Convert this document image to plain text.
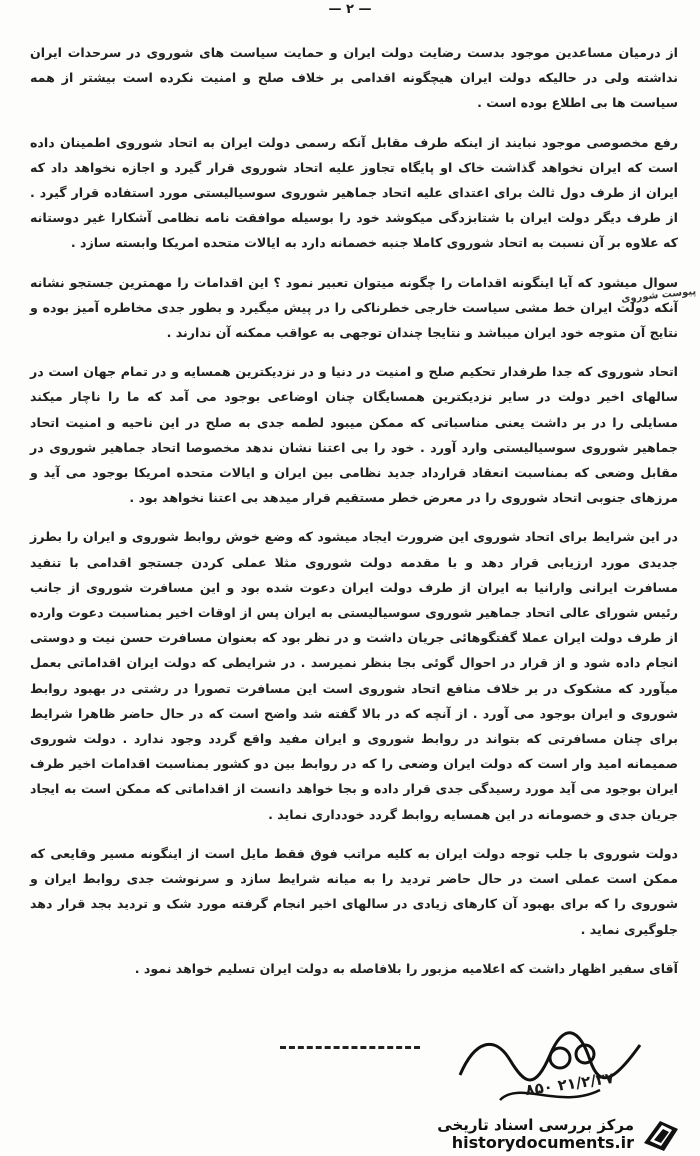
— ۲ —

از درمیان مساعدین موجود بدست رضایت دولت ایران و حمایت سیاست های شوروی در سرحدات ایران نداشته ولی در حالیکه دولت ایران هیچگونه اقدامی بر خلاف صلح و امنیت نکرده است بیشتر از همه سیاست ها بی اطلاع بوده است .

رفع مخصوصی موجود نبایند از اینکه طرف مقابل آنکه رسمی دولت ایران به اتحاد شوروی اطمینان داده است که ایران نخواهد گذاشت خاک او پایگاه تجاوز علیه اتحاد شوروی قرار گیرد و اجازه نخواهد داد که ایران از طرف دول ثالث برای اعتدای علیه اتحاد جماهیر شوروی سوسیالیستی مورد استفاده قرار گیرد . از طرف دیگر دولت ایران با شتابزدگی میکوشد خود را بوسیله موافقت نامه نظامی آشکارا غیر دوستانه که علاوه بر آن نسبت به اتحاد شوروی کاملا جنبه خصمانه دارد به ایالات متحده امریکا وابسته سازد .

سوال میشود که آیا اینگونه اقدامات را چگونه میتوان تعبیر نمود ؟ این اقدامات را مهمترین جستجو نشانه آنکه دولت ایران خط مشی سیاست خارجی خطرناکی را در پیش میگیرد و بطور جدی مخاطره آمیز بوده و نتایج آن متوجه خود ایران میباشد و نتایجا چندان توجهی به عواقب ممکنه آن ندارند .

اتحاد شوروی که جدا طرفدار تحکیم صلح و امنیت در دنیا و در نزدیکترین همسایه و در تمام جهان است در سالهای اخیر دولت در سایر نزدیکترین همسایگان چنان اوضاعی بوجود می آمد که ما را ناچار میکند مسایلی را در بر داشت یعنی مناسباتی که ممکن میبود لطمه جدی به صلح در این ناحیه و امنیت اتحاد جماهیر شوروی سوسیالیستی وارد آورد . خود را بی اعتنا نشان ندهد مخصوصا اتحاد جماهیر شوروی در مقابل وضعی که بمناسبت انعقاد قرارداد جدید نظامی بین ایران و ایالات متحده امریکا بوجود می آید و مرزهای جنوبی اتحاد شوروی را در معرض خطر مستقیم قرار میدهد بی اعتنا نخواهد بود .

در این شرایط برای اتحاد شوروی این ضرورت ایجاد میشود که وضع خوش روابط شوروی و ایران را بطرز جدیدی مورد ارزیابی قرار دهد و با مقدمه دولت شوروی مثلا عملی کردن جستجو اقدامی با تنفید مسافرت ایرانی وارانیا به ایران از طرف دولت ایران دعوت شده بود و این مسافرت شوروی از جانب رئیس شورای عالی اتحاد جماهیر شوروی سوسیالیستی به ایران پس از اوقات اخیر بمناسبت دعوت وارده از طرف دولت ایران عملا گفتگوهائی جریان داشت و در نظر بود که بعنوان مسافرت حسن نیت و دوستی انجام داده شود و از قرار در احوال گوئی بجا بنظر نمیرسد . در شرایطی که دولت ایران اقداماتی بعمل میآورد که مشکوک در بر خلاف منافع اتحاد شوروی است این مسافرت تصورا در رشتی در بهبود روابط شوروی و ایران بوجود می آورد . از آنچه که در بالا گفته شد واضح است که در حال حاضر ظاهرا شرایط برای چنان مسافرتی که بتواند در روابط شوروی و ایران مفید واقع گردد وجود ندارد . دولت شوروی صمیمانه امید وار است که دولت ایران وضعی را که در روابط بین دو کشور بمناسبت اقدامات اخیر طرف ایران بوجود می آید مورد رسیدگی جدی قرار داده و بجا خواهد دانست از اقداماتی که ممکن است به ایجاد جریان جدی و خصومانه در این همسایه روابط گردد خودداری نماید .

دولت شوروی با جلب توجه دولت ایران به کلیه مراتب فوق فقط مایل است از اینگونه مسیر وقایعی که ممکن است عملی است در حال حاضر تردید را به میانه شرایط سازد و سرنوشت جدی روابط ایران و شوروی را که برای بهبود آن کارهای زیادی در سالهای اخیر انجام گرفته مورد شک و تردید بجد قرار دهد جلوگیری نماید .

آقای سفیر اظهار داشت که اعلامیه مزبور را بلافاصله به دولت ایران تسلیم خواهد نمود .

پیوست شوروی
۸۵۰ ۲۱/۲/۳۷
مرکز بررسی اسناد تاریخی
historydocuments.ir
